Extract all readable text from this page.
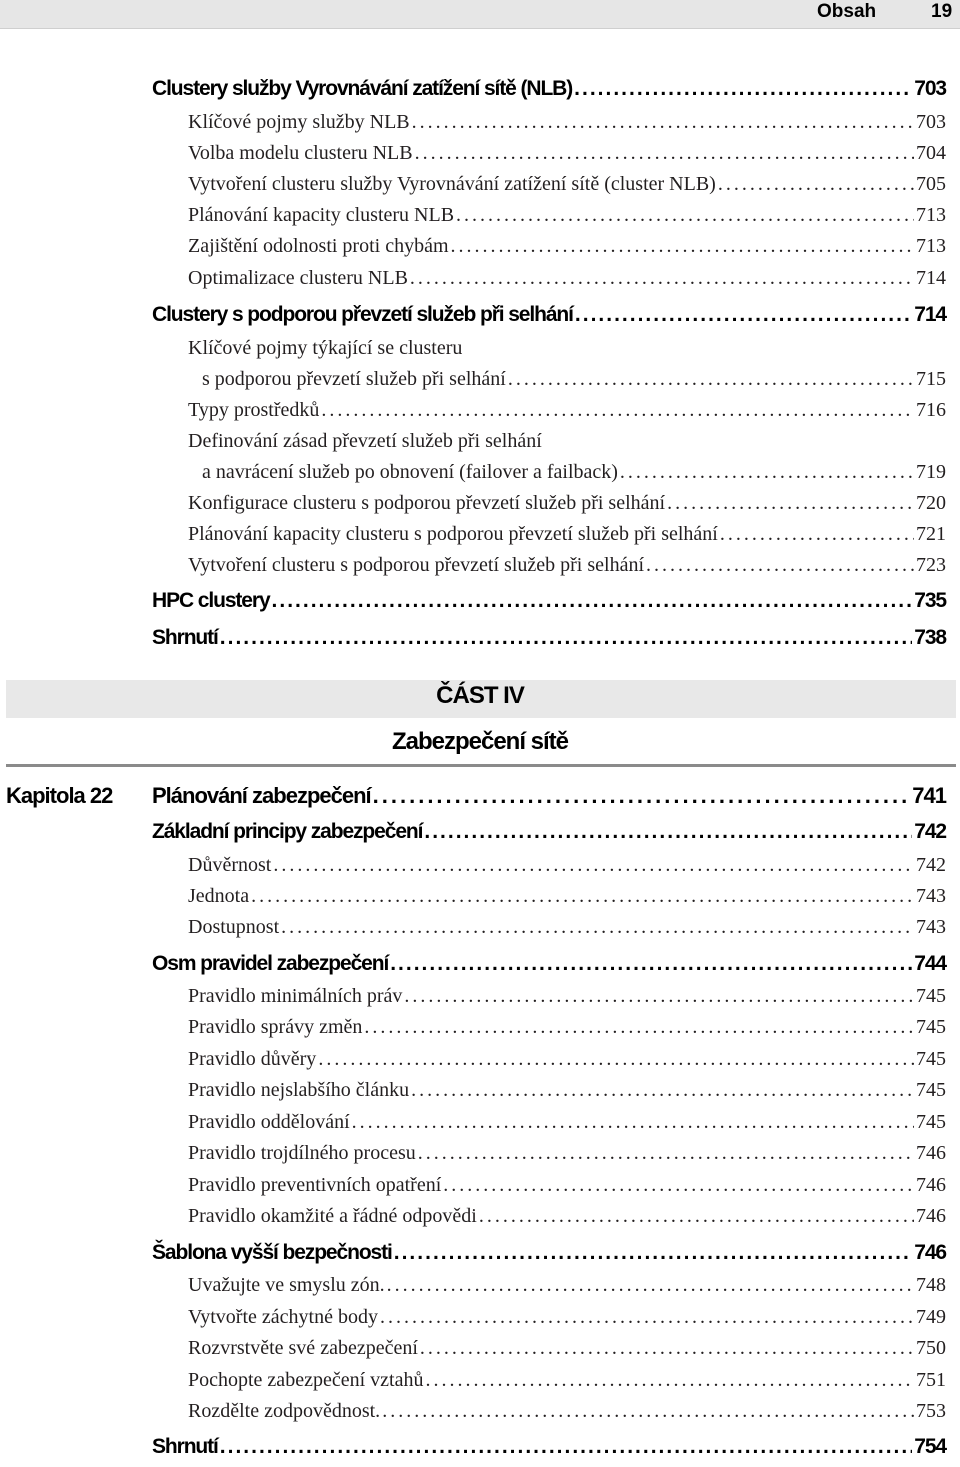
Obsah	19
Clustery služby Vyrovnávání zatížení sítě (NLB) .....	703
Klíčové pojmy služby NLB .....	703
Volba modelu clusteru NLB .....	704
Vytvoření clusteru služby Vyrovnávání zatížení sítě (cluster NLB) .....	705
Plánování kapacity clusteru NLB .....	713
Zajištění odolnosti proti chybám .....	713
Optimalizace clusteru NLB .....	714
Clustery s podporou převzetí služeb při selhání .....	714
Klíčové pojmy týkající se clusteru
s podporou převzetí služeb při selhání .....	715
Typy prostředků .....	716
Definování zásad převzetí služeb při selhání
a navrácení služeb po obnovení (failover a failback) .....	719
Konfigurace clusteru s podporou převzetí služeb při selhání .....	720
Plánování kapacity clusteru s podporou převzetí služeb při selhání .....	721
Vytvoření clusteru s podporou převzetí služeb při selhání .....	723
HPC clustery .....	735
Shrnutí .....	738
ČÁST IV
Zabezpečení sítě
Kapitola 22	Plánování zabezpečení .....	741
Základní principy zabezpečení .....	742
Důvěrnost .....	742
Jednota .....	743
Dostupnost .....	743
Osm pravidel zabezpečení .....	744
Pravidlo minimálních práv .....	745
Pravidlo správy změn .....	745
Pravidlo důvěry .....	745
Pravidlo nejslabšího článku .....	745
Pravidlo oddělování .....	745
Pravidlo trojdílného procesu .....	746
Pravidlo preventivních opatření .....	746
Pravidlo okamžité a řádné odpovědi .....	746
Šablona vyšší bezpečnosti .....	746
Uvažujte ve smyslu zón. .....	748
Vytvořte záchytné body .....	749
Rozvrstvěte své zabezpečení .....	750
Pochopte zabezpečení vztahů .....	751
Rozdělte zodpovědnost. .....	753
Shrnutí .....	754
